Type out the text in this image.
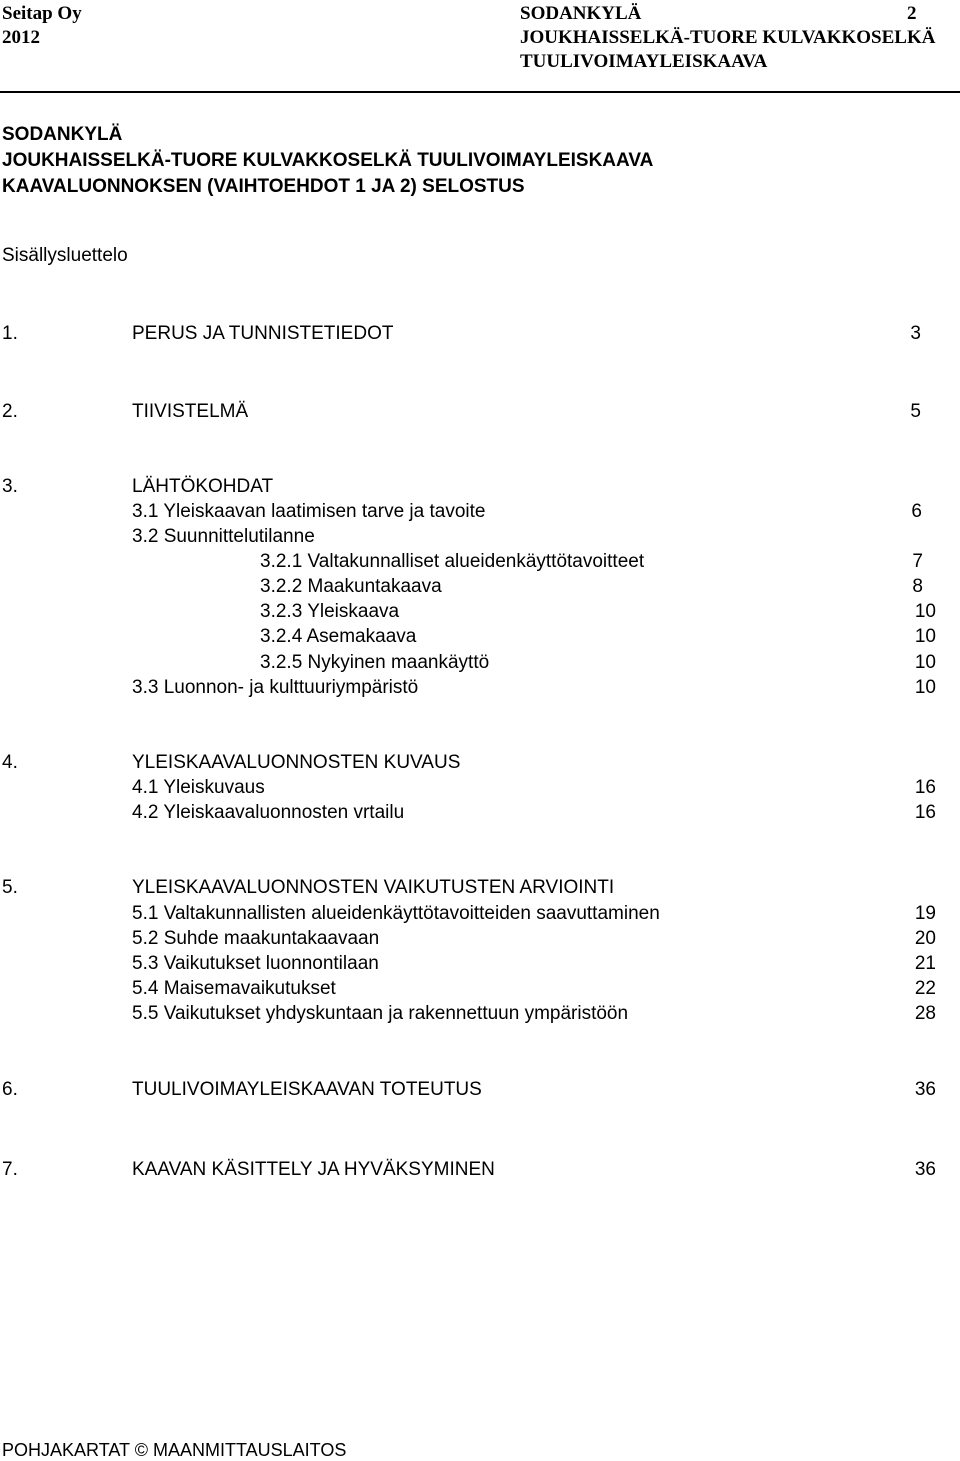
Seitap Oy
2012
SODANKYLÄ
JOUKHAISSELKÄ-TUORE KULVAKKOSELKÄ
TUULIVOIMAYLEISKAAVA
2
SODANKYLÄ
JOUKHAISSELKÄ-TUORE KULVAKKOSELKÄ TUULIVOIMAYLEISKAAVA
KAAVALUONNOKSEN (VAIHTOEHDOT 1 JA 2) SELOSTUS
Sisällysluettelo
1.	PERUS JA TUNNISTETIEDOT	3
2.	TIIVISTELMÄ	5
3.	LÄHTÖKOHDAT
3.1 Yleiskaavan laatimisen tarve ja tavoite	6
3.2 Suunnittelutilanne
3.2.1 Valtakunnalliset alueidenkäyttötavoitteet	7
3.2.2 Maakuntakaava	8
3.2.3 Yleiskaava	10
3.2.4 Asemakaava	10
3.2.5 Nykyinen maankäyttö	10
3.3 Luonnon- ja kulttuuriympäristö	10
4.	YLEISKAAVALUONNOSTEN KUVAUS
4.1 Yleiskuvaus	16
4.2 Yleiskaavaluonnosten vrtailu	16
5.	YLEISKAAVALUONNOSTEN VAIKUTUSTEN ARVIOINTI
5.1 Valtakunnallisten alueidenkäyttötavoitteiden saavuttaminen	19
5.2 Suhde maakuntakaavaan	20
5.3 Vaikutukset luonnontilaan	21
5.4 Maisemavaikutukset	22
5.5 Vaikutukset yhdyskuntaan ja rakennettuun ympäristöön	28
6.	TUULIVOIMAYLEISKAAVAN TOTEUTUS	36
7.	KAAVAN KÄSITTELY JA HYVÄKSYMINEN	36
POHJAKARTAT © MAANMITTAUSLAITOS
